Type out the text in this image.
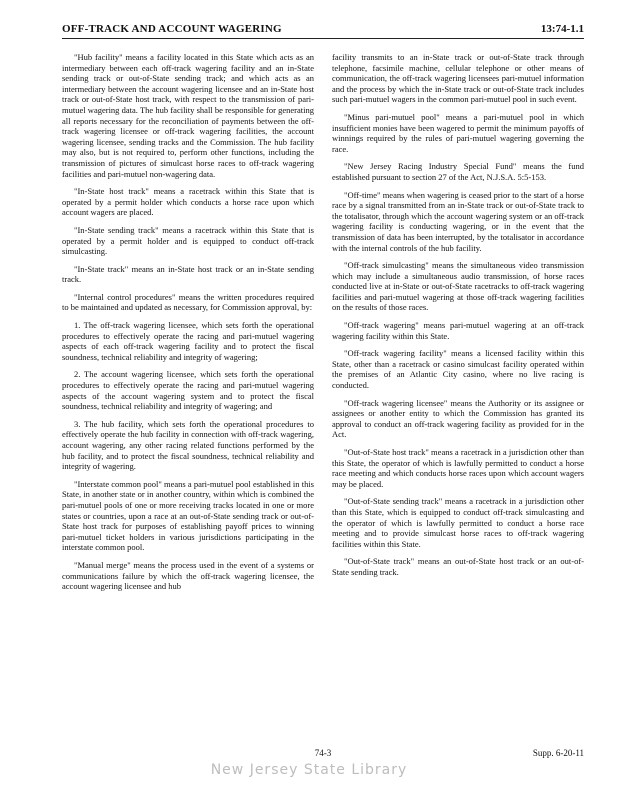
OFF-TRACK AND ACCOUNT WAGERING	13:74-1.1

"Hub facility" means a facility located in this State which acts as an intermediary between each off-track wagering facility and an in-State sending track or out-of-State sending track; and which acts as an intermediary between the account wagering licensee and an in-State host track or out-of-State host track, with respect to the transmission of pari-mutuel wagering data. The hub facility shall be responsible for generating all reports necessary for the reconciliation of payments between the off-track wagering licensee or off-track wagering facilities, the account wagering licensee, sending tracks and the Commission. The hub facility may also, but is not required to, perform other functions, including the transmission of pictures of simulcast horse races to off-track wagering facilities and pari-mutuel non-wagering data.

"In-State host track" means a racetrack within this State that is operated by a permit holder which conducts a horse race upon which account wagers are placed.

"In-State sending track" means a racetrack within this State that is operated by a permit holder and is equipped to conduct off-track simulcasting.

"In-State track" means an in-State host track or an in-State sending track.

"Internal control procedures" means the written procedures required to be maintained and updated as necessary, for Commission approval, by:

1. The off-track wagering licensee, which sets forth the operational procedures to effectively operate the racing and pari-mutuel wagering aspects of each off-track wagering facility and to protect the fiscal soundness, technical reliability and integrity of wagering;

2. The account wagering licensee, which sets forth the operational procedures to effectively operate the racing and pari-mutuel wagering aspects of the account wagering system and to protect the fiscal soundness, technical reliability and integrity of wagering; and

3. The hub facility, which sets forth the operational procedures to effectively operate the hub facility in connection with off-track wagering, account wagering, any other racing related functions performed by the hub facility, and to protect the fiscal soundness, technical reliability and integrity of wagering.

"Interstate common pool" means a pari-mutuel pool established in this State, in another state or in another country, within which is combined the pari-mutuel pools of one or more receiving tracks located in one or more states or countries, upon a race at an out-of-State sending track or out-of-State host track for purposes of establishing payoff prices to winning pari-mutuel ticket holders in various jurisdictions participating in the interstate common pool.

"Manual merge" means the process used in the event of a systems or communications failure by which the off-track wagering licensee, the account wagering licensee and hub

facility transmits to an in-State track or out-of-State track through telephone, facsimile machine, cellular telephone or other means of communication, the off-track wagering licensees pari-mutuel information and the process by which the in-State track or out-of-State track includes such pari-mutuel wagers in the common pari-mutuel pool in such event.

"Minus pari-mutuel pool" means a pari-mutuel pool in which insufficient monies have been wagered to permit the minimum payoffs of winnings required by the rules of pari-mutuel wagering governing the race.

"New Jersey Racing Industry Special Fund" means the fund established pursuant to section 27 of the Act, N.J.S.A. 5:5-153.

"Off-time" means when wagering is ceased prior to the start of a horse race by a signal transmitted from an in-State track or out-of-State track to the totalisator, through which the account wagering system or an off-track wagering facility is conducting wagering, or in the event that the transmission of data has been interrupted, by the totalisator in accordance with the internal controls of the hub facility.

"Off-track simulcasting" means the simultaneous video transmission which may include a simultaneous audio transmission, of horse races conducted live at in-State or out-of-State racetracks to off-track wagering facilities and pari-mutuel wagering at those off-track wagering facilities on the results of those races.

"Off-track wagering" means pari-mutuel wagering at an off-track wagering facility within this State.

"Off-track wagering facility" means a licensed facility within this State, other than a racetrack or casino simulcast facility operated within the premises of an Atlantic City casino, where no live racing is conducted.

"Off-track wagering licensee" means the Authority or its assignee or assignees or another entity to which the Commission has granted its approval to conduct an off-track wagering facility as provided for in the Act.

"Out-of-State host track" means a racetrack in a jurisdiction other than this State, the operator of which is lawfully permitted to conduct a horse race meeting and which conducts horse races upon which account wagers may be placed.

"Out-of-State sending track" means a racetrack in a jurisdiction other than this State, which is equipped to conduct off-track simulcasting and the operator of which is lawfully permitted to conduct a horse race meeting and to provide simulcast horse races to off-track wagering facilities within this State.

"Out-of-State track" means an out-of-State host track or an out-of-State sending track.

74-3	Supp. 6-20-11
New Jersey State Library
